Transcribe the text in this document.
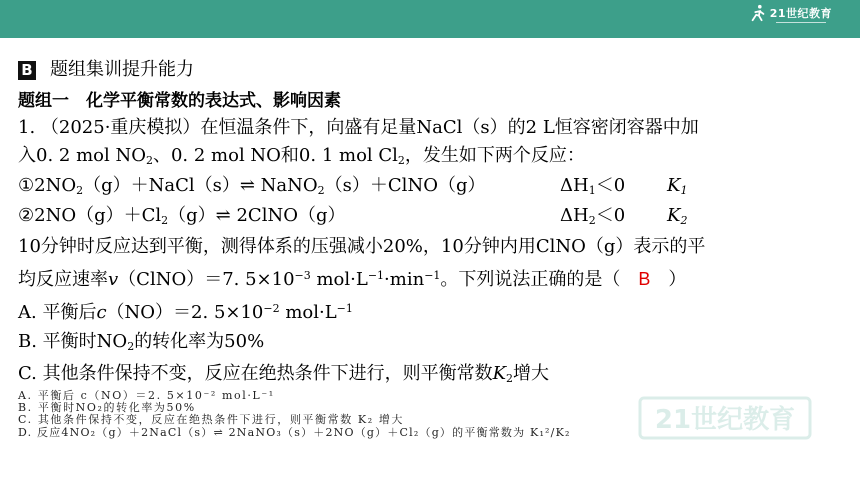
21世纪教育
B 题组集训提升能力
题组一　化学平衡常数的表达式、影响因素
1. （2025·重庆模拟）在恒温条件下，向盛有足量NaCl（s）的2 L恒容密闭容器中加
入0. 2 mol $NO_2$、0. 2 mol NO和0. 1 mol $Cl_2$，发生如下两个反应：
$①2NO_2(g)+NaCl(s)\rightleftharpoons$ NaNO$_2$（s）＋ClNO（g）	$\Delta H_1<0$ $K_1$
$②2NO(g)+Cl_2(g)\rightleftharpoons$ 2ClNO（g）	$\Delta H_2<0$ $K_2$
10分钟时反应达到平衡，测得体系的压强减小20%，10分钟内用ClNO（g）表示的平
均反应速率v（ClNO）＝7. $5\times 10^{-3}$ $mol\cdot L^{-1}\cdot\min^{-1}$。下列说法正确的是（　B　）
A. 平衡后c（NO）＝2. $5\times 10^{-2}$ $mol\cdot L^{-1}$
B. 平衡时$NO_2$的转化率为50%
C. 其他条件保持不变，反应在绝热条件下进行，则平衡常数$K_2$增大
A. 平衡后 c（NO）＝2. 5×10⁻² mol·L⁻¹
B. 平衡时NO₂的转化率为50%
C. 其他条件保持不变，反应在绝热条件下进行，则平衡常数 K₂ 增大
D. 反应4NO₂（g）＋2NaCl（s）⇌ 2NaNO₃（s）＋2NO（g）＋Cl₂（g）的平衡常数为 K₁²/K₂	21世纪教育
